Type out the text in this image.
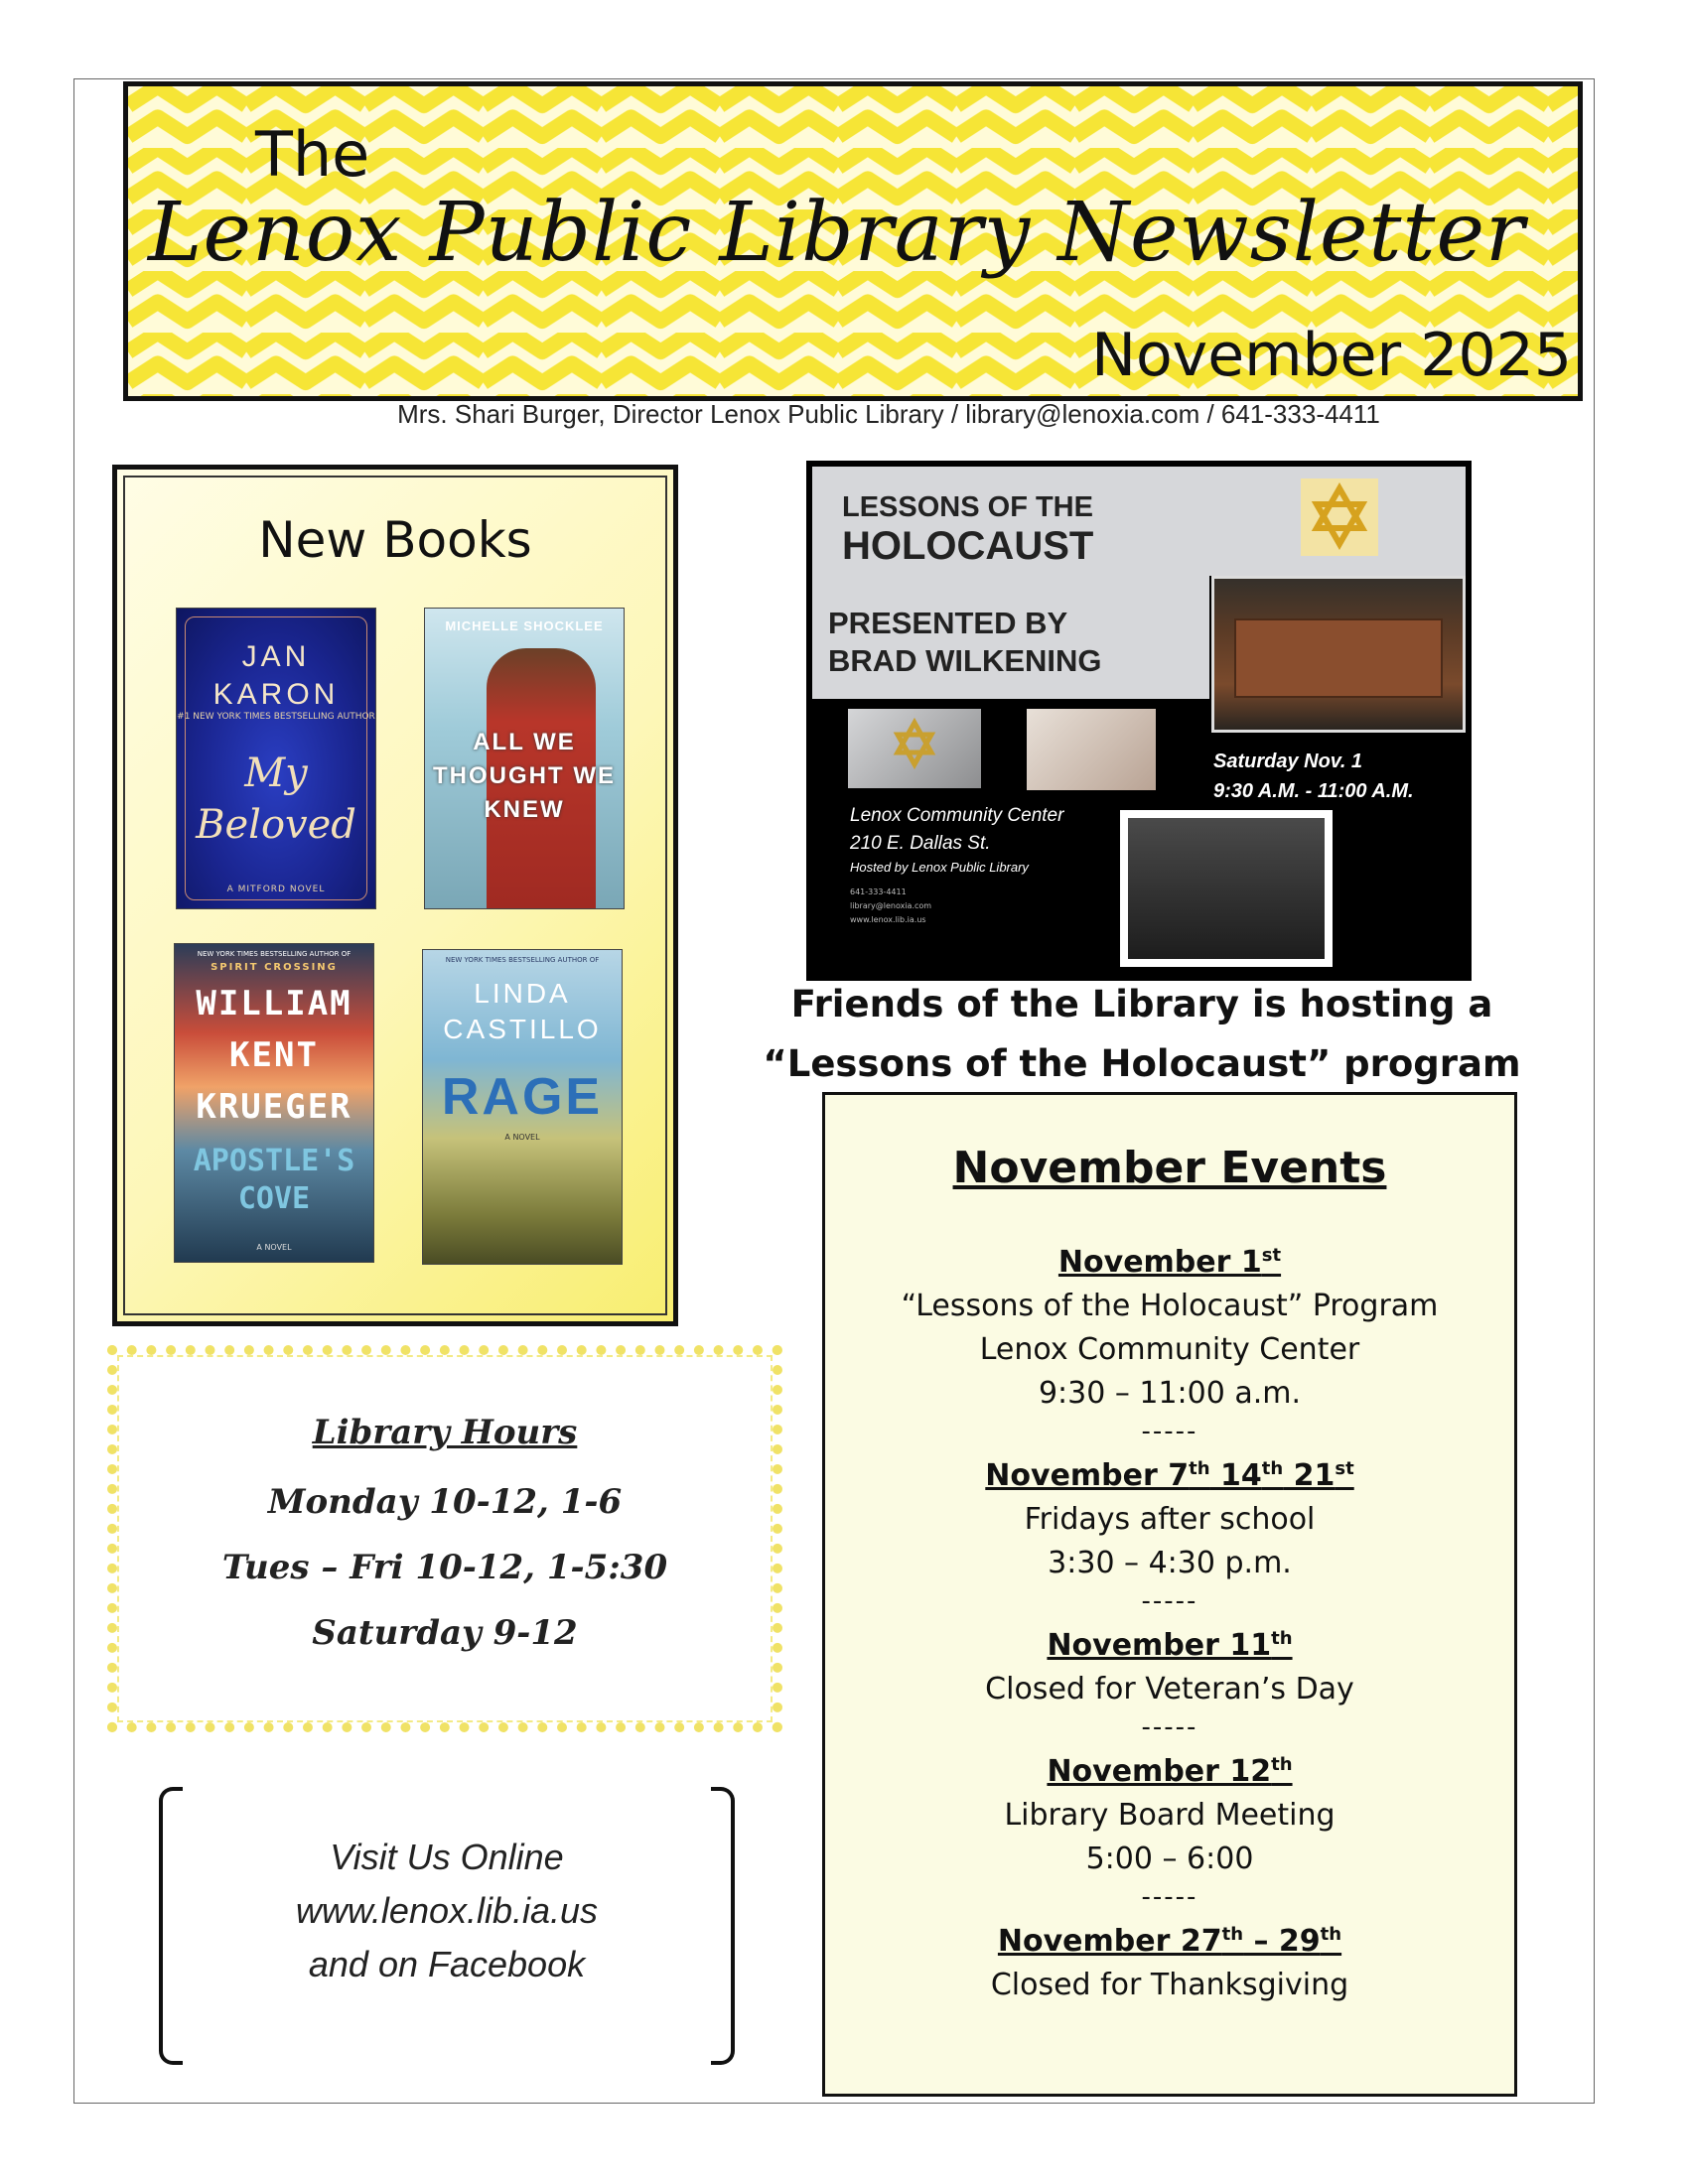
The
Lenox Public Library Newsletter
November 2025
Mrs. Shari Burger, Director Lenox Public Library / library@lenoxia.com / 641-333-4411
New Books
JAN KARON
#1 NEW YORK TIMES BESTSELLING AUTHOR
My Beloved
A MITFORD NOVEL
MICHELLE SHOCKLEE
ALL WE THOUGHT WE KNEW
NEW YORK TIMES BESTSELLING AUTHOR OF
SPIRIT CROSSING
WILLIAM KENT KRUEGER
APOSTLE'S COVE
A NOVEL
NEW YORK TIMES BESTSELLING AUTHOR OF
LINDA CASTILLO
RAGE
A NOVEL
LESSONS OF THE
HOLOCAUST
PRESENTED BY
BRAD WILKENING
Saturday Nov. 1
9:30 A.M. - 11:00 A.M.
Lenox Community Center
210 E. Dallas St.
Hosted by Lenox Public Library
641-333-4411
library@lenoxia.com
www.lenox.lib.ia.us
Friends of the Library is hosting a
“Lessons of the Holocaust” program
November Events
November 1st
“Lessons of the Holocaust” Program
Lenox Community Center
9:30 – 11:00 a.m.
-----
November 7th 14th 21st
Fridays after school
3:30 – 4:30 p.m.
-----
November 11th
Closed for Veteran’s Day
-----
November 12th
Library Board Meeting
5:00 – 6:00
-----
November 27th – 29th
Closed for Thanksgiving
Library Hours
Monday 10-12, 1-6
Tues – Fri 10-12, 1-5:30
Saturday 9-12
Visit Us Online
www.lenox.lib.ia.us
and on Facebook
